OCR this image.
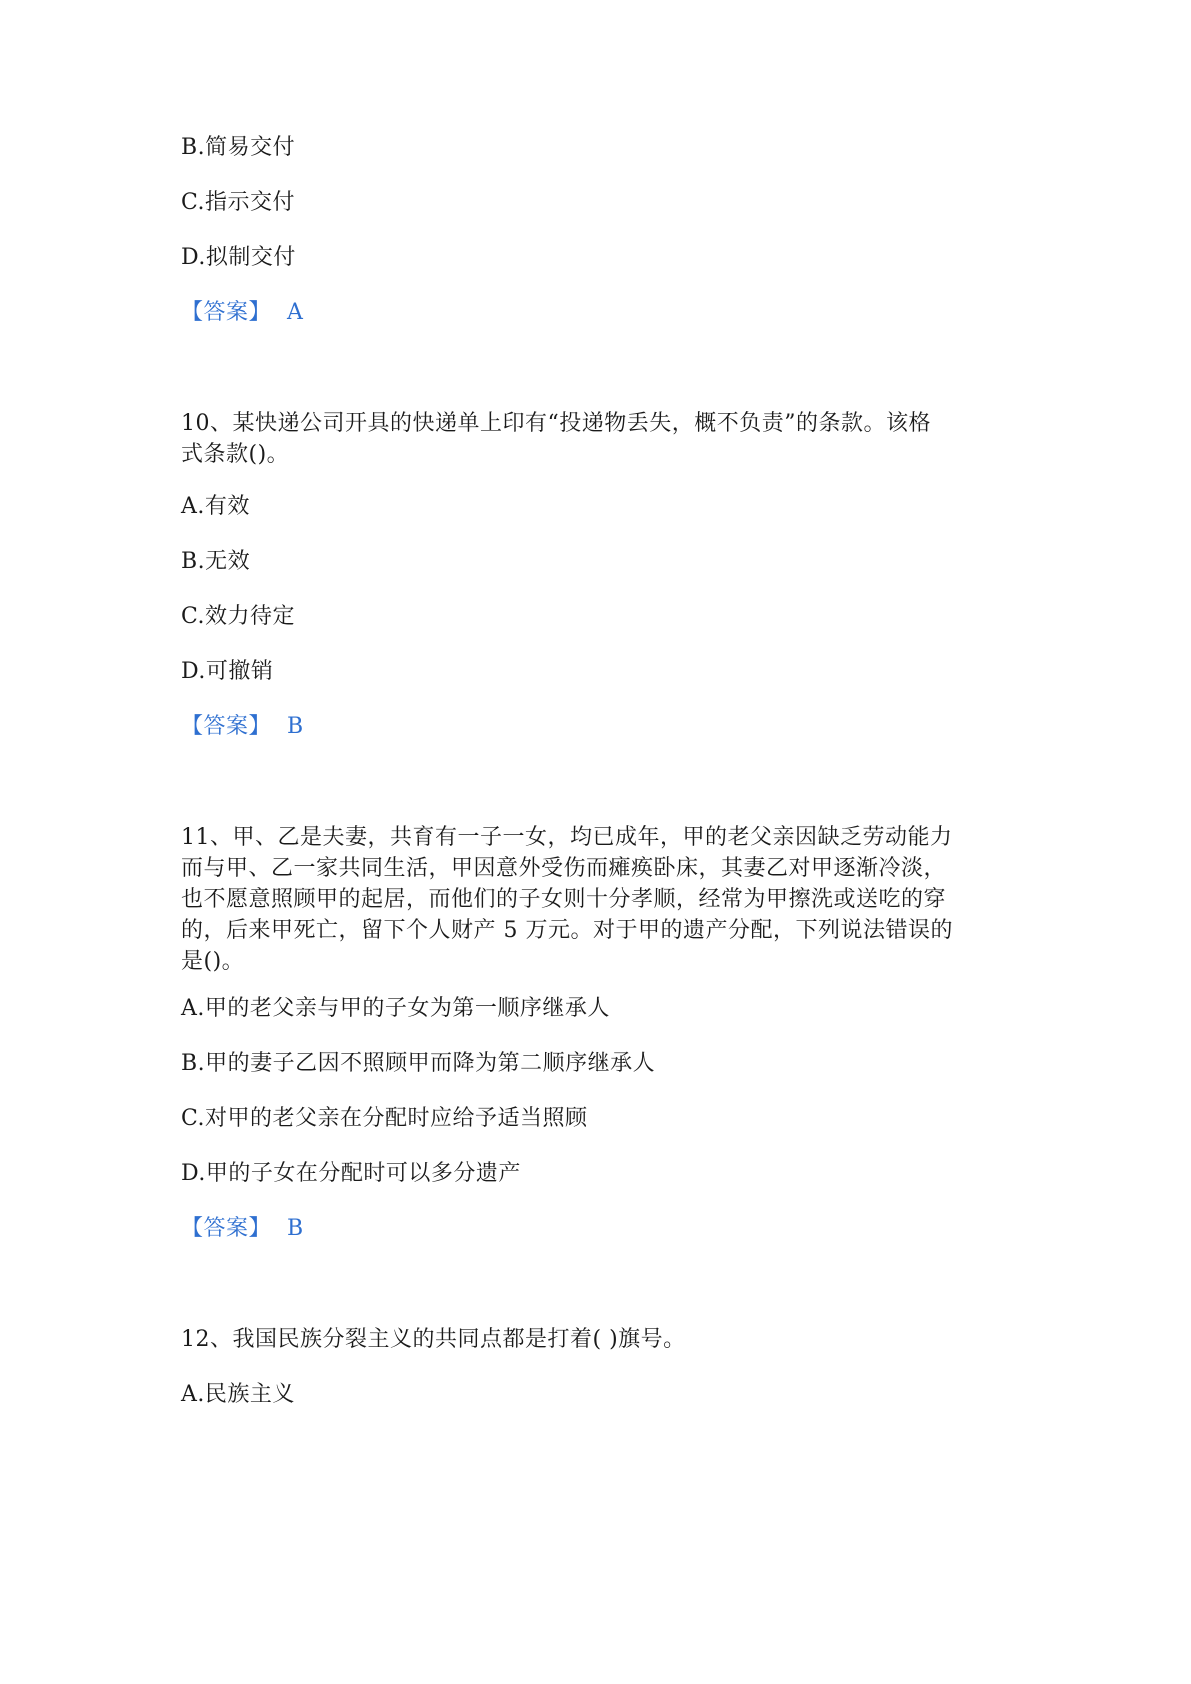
B.简易交付
C.指示交付
D.拟制交付
【答案】 A
10、某快递公司开具的快递单上印有“投递物丢失，概不负责”的条款。该格
式条款()。
A.有效
B.无效
C.效力待定
D.可撤销
【答案】 B
11、甲、乙是夫妻，共育有一子一女，均已成年，甲的老父亲因缺乏劳动能力
而与甲、乙一家共同生活，甲因意外受伤而瘫痪卧床，其妻乙对甲逐渐冷淡，
也不愿意照顾甲的起居，而他们的子女则十分孝顺，经常为甲擦洗或送吃的穿
的，后来甲死亡，留下个人财产 5 万元。对于甲的遗产分配，下列说法错误的
是()。
A.甲的老父亲与甲的子女为第一顺序继承人
B.甲的妻子乙因不照顾甲而降为第二顺序继承人
C.对甲的老父亲在分配时应给予适当照顾
D.甲的子女在分配时可以多分遗产
【答案】 B
12、我国民族分裂主义的共同点都是打着( )旗号。
A.民族主义
